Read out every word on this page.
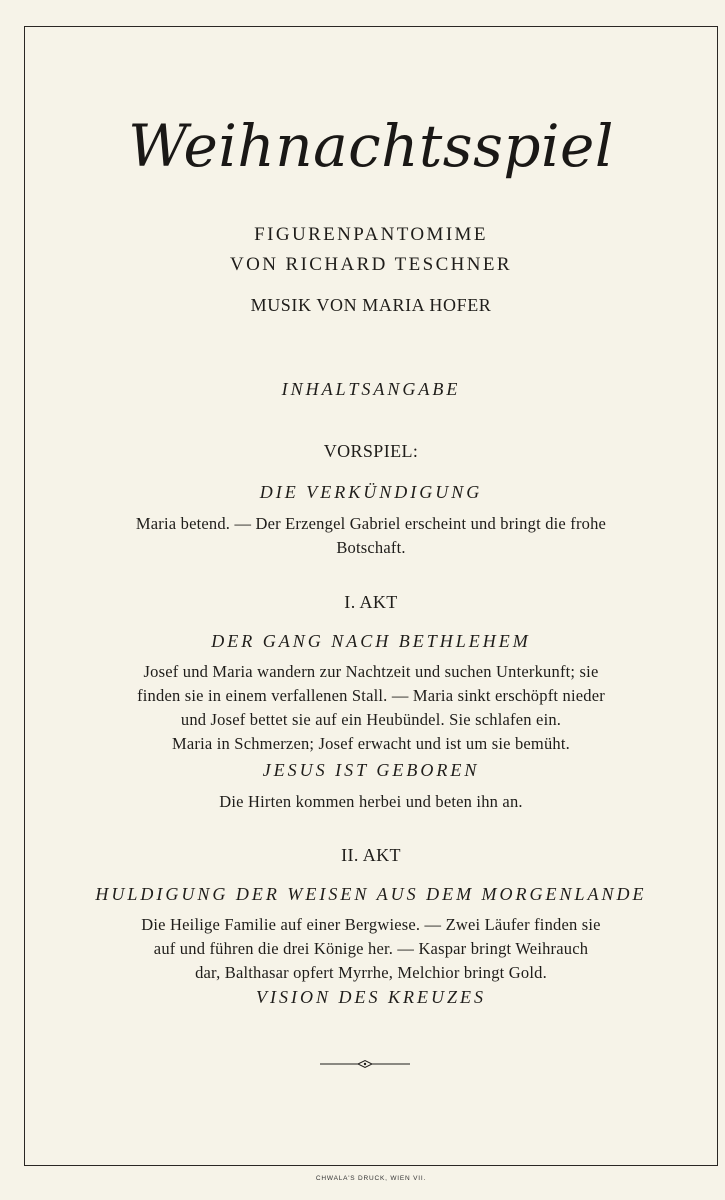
Weihnachtsspiel

FIGURENPANTOMIME

VON RICHARD TESCHNER

MUSIK VON MARIA HOFER

INHALTSANGABE

VORSPIEL:

DIE VERKÜNDIGUNG

Maria betend. — Der Erzengel Gabriel erscheint und bringt die frohe

Botschaft.

I. AKT

DER GANG NACH BETHLEHEM

Josef und Maria wandern zur Nachtzeit und suchen Unterkunft; sie

finden sie in einem verfallenen Stall. — Maria sinkt erschöpft nieder

und Josef bettet sie auf ein Heubündel. Sie schlafen ein.

Maria in Schmerzen; Josef erwacht und ist um sie bemüht.

JESUS IST GEBOREN

Die Hirten kommen herbei und beten ihn an.

II. AKT

HULDIGUNG DER WEISEN AUS DEM MORGENLANDE

Die Heilige Familie auf einer Bergwiese. — Zwei Läufer finden sie

auf und führen die drei Könige her. — Kaspar bringt Weihrauch

dar, Balthasar opfert Myrrhe, Melchior bringt Gold.

VISION DES KREUZES

CHWALA'S DRUCK, WIEN VII.
